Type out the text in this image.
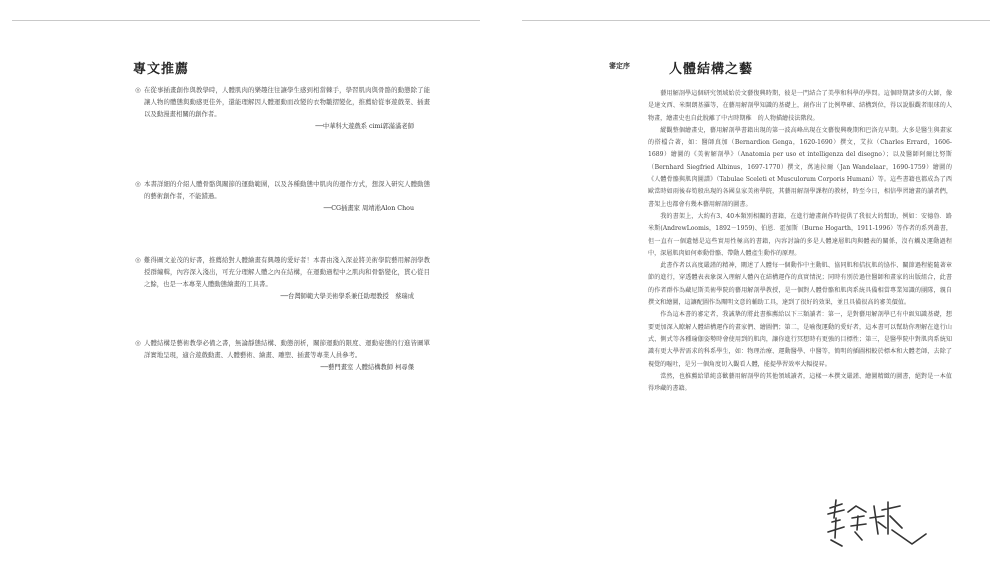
專文推薦
◎ 在從事插畫創作與教學時，人體肌肉的樂趣往往讓學生感到相當棘手，學習肌肉與骨骼的動態除了能讓人物的體態與動感更佳外，還能理解因人體運動而改變的衣物皺摺變化，推薦給從事遊戲業、插畫以及動漫畫相關的創作者。
──中華科大遊戲系 cimi郭滿滿老師
◎ 本書詳細的介紹人體骨骼與關節的運動範圍，以及各種動態中肌肉的運作方式，想深入研究人體動態的藝術創作者，不能錯過。
──CG插畫家 周靖淞Alon Chou
◎ 難得圖文並茂的好書，推薦給對人體繪畫有興趣的愛好者！本書由淺入深並將美術學院藝用解剖學教授群編輯，內容深入淺出，可充分理解人體之內在結構，在運動過程中之肌肉和骨骼變化，貫心從目之餘，也是一本專業人體動態繪畫的工具書。
──台灣師範大學美術學系兼任助理教授　蔡瑞成
◎ 人體結構是藝術教學必備之書，無論靜態結構、動態剖析，關節運動的限度、運動姿態的行進皆圖單詳實地呈現，適合遊戲動畫、人體藝術、繪畫、雕塑、插畫等專業人員參考。
──藝門畫室 人體結構教師 柯尋傑
審定序	人體結構之藝

藝用解剖學這個研究領域始於文藝復興時期，彼是一門結合了美學和科學的學問。這個時期諸多的大師，像是達文西、米開朗基羅等，在藝用解剖學知識的基礎上，創作出了比例準確、結構到位，得以說服觀者眼球的人物畫，繪畫史也自此脫離了中古時期稚　的人物描繪技法階段。

縱觀整個繪畫史，藝用解剖學書籍出現的第一波高峰出現在文藝復興晚期和巴洛克早期。大多是醫生與畫家的搭檔合著，如：醫師真加（Bernardion Genga，1620-1690）撰文，艾拉（Charles Errard，1606-1689）繪圖的《美術解剖學》（Anatomia per uso et intelligenza del disegno）；以及醫師阿爾比努斯（Bernhard Siegfried Albinus，1697-1770）撰文，萬迪拉爾（Jan Wandelaar，1690-1759）繪圖的《人體骨骼與肌肉圖譜》（Tabulae Sceleti et Musculorum Corporis Humani）等。這些書籍也都成為了西歐當時如雨後春筍般出現的各國皇家美術學院，其藝用解剖學課程的教材，時至今日，相信學習繪畫的讀者們，書架上也都會有幾本藝用解剖的圖書。

我的書架上，大約有3、40本類別相關的書籍，在進行繪畫創作時提供了我很大的幫助，例如：安德魯．路米斯(AndrewLoomis，1892－1959)、伯恩．霍加斯（Burne Hogarth，1911-1996）等作者的系列叢書，但一直有一個遺憾是這些實用性極高的書籍，內容討論的多是人體達層肌肉與體表的關係，沒有觸及運動過程中，深層肌肉如何牽動骨骼、帶動人體產生動作的原理。

此書作者以高度嚴謹的精神，闡述了人體每一個動作中主動肌、協同肌和拮抗肌的協作、關節過程能隨著章節的進行，穿透體表表象深入理解人體內在結構運作的真實情況；同時有別於過往醫師和畫家的出版組合，此書的作者群作為藏尼斯美術學院的藝用解剖學教授，是一個對人體骨骼和肌肉系統具備相當專業知識的團隊，親自撰文和繪圖，這讓配圖作為闡明文意的輔助工具，達到了很好的效果，並且具備很高的審美價值。

作為這本書的審定者，我誠摯的將此書推薦給以下三類讀者：第一，是對藝用解剖學已有中級知識基礎，想要更加深入瞭解人體結構運作的畫家們、繪圖們；第二，是喻復運動的愛好者，這本書可以幫助你理解在進行山式、側式等各種瑜伽姿勢時會使用到的肌肉，讓你進行冥想時有更強的目標性；第三，是醫學院中對肌肉系統知識有更大學習需求的科系學生，如：物理治療、運動醫學、中醫等，簡明的插圖相較於標本和大體老師，去除了視覺的嘔吐，是另一個角度切入觀看人體，能提學習效率大幅提昇。

當然，也推薦給單純喜歡藝用解剖學的其他領域讀者，這樣一本撰文嚴謹、繪圖精緻的圖書，絕對是一本值得珍藏的書籍。
